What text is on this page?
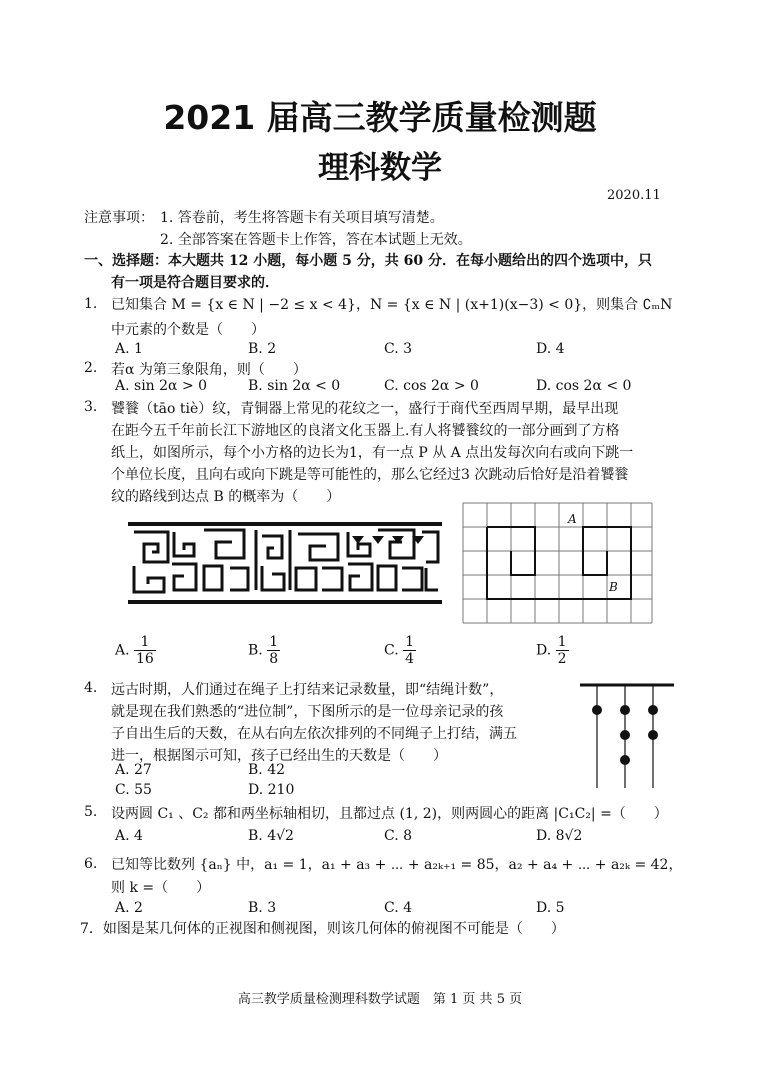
2021 届高三教学质量检测题
理科数学
2020.11
注意事项： 1. 答卷前，考生将答题卡有关项目填写清楚。
2. 全部答案在答题卡上作答，答在本试题上无效。
一、选择题：本大题共 12 小题，每小题 5 分，共 60 分．在每小题给出的四个选项中，只
有一项是符合题目要求的．
1. 已知集合 M = {x ∈ N | −2 ≤ x < 4}，N = {x ∈ N | (x+1)(x−3) < 0}，则集合 ∁ₘN
中元素的个数是（　　）
A. 1	B. 2	C. 3	D. 4
2. 若α 为第三象限角，则（　　）
A. sin 2α > 0	B. sin 2α < 0	C. cos 2α > 0	D. cos 2α < 0
3. 饕餮（tāo tiè）纹，青铜器上常见的花纹之一，盛行于商代至西周早期，最早出现
在距今五千年前长江下游地区的良渚文化玉器上.有人将饕餮纹的一部分画到了方格
纸上，如图所示，每个小方格的边长为1，有一点 P 从 A 点出发每次向右或向下跳一
个单位长度，且向右或向下跳是等可能性的，那么它经过3 次跳动后恰好是沿着饕餮
纹的路线到达点 B 的概率为（　　）
A
B
A. $\frac{1}{16}$	B. $\frac{1}{8}$	C. $\frac{1}{4}$	D. $\frac{1}{2}$
4. 远古时期，人们通过在绳子上打结来记录数量，即“结绳计数”，
就是现在我们熟悉的“进位制”，下图所示的是一位母亲记录的孩
子自出生后的天数，在从右向左依次排列的不同绳子上打结，满五
进一，根据图示可知，孩子已经出生的天数是（　　）
A. 27	B. 42
C. 55	D. 210
5. 设两圆 C₁ 、C₂ 都和两坐标轴相切，且都过点 (1, 2)，则两圆心的距离 |C₁C₂| =（　　）
A. 4	B. 4√2	C. 8	D. 8√2
6. 已知等比数列 {aₙ} 中，a₁ = 1，a₁ + a₃ + ⋯ + a₂ₖ₊₁ = 85，a₂ + a₄ + ⋯ + a₂ₖ = 42，
则 k =（　　）
A. 2	B. 3	C. 4	D. 5
7．如图是某几何体的正视图和侧视图，则该几何体的俯视图不可能是（　　）
高三教学质量检测理科数学试题　第 1 页 共 5 页
